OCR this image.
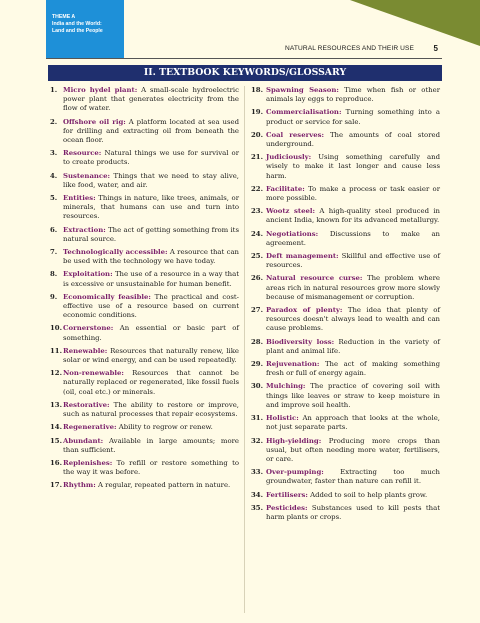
THEME A
India and the World:
Land and the People
NATURAL RESOURCES AND THEIR USE 5
II. TEXTBOOK KEYWORDS/GLOSSARY
1. Micro hydel plant: A small-scale hydroelectric power plant that generates electricity from the flow of water.
2. Offshore oil rig: A platform located at sea used for drilling and extracting oil from beneath the ocean floor.
3. Resource: Natural things we use for survival or to create products.
4. Sustenance: Things that we need to stay alive, like food, water, and air.
5. Entities: Things in nature, like trees, animals, or minerals, that humans can use and turn into resources.
6. Extraction: The act of getting something from its natural source.
7. Technologically accessible: A resource that can be used with the technology we have today.
8. Exploitation: The use of a resource in a way that is excessive or unsustainable for human benefit.
9. Economically feasible: The practical and cost-effective use of a resource based on current economic conditions.
10. Cornerstone: An essential or basic part of something.
11. Renewable: Resources that naturally renew, like solar or wind energy, and can be used repeatedly.
12. Non-renewable: Resources that cannot be naturally replaced or regenerated, like fossil fuels (oil, coal etc.) or minerals.
13. Restorative: The ability to restore or improve, such as natural processes that repair ecosystems.
14. Regenerative: Ability to regrow or renew.
15. Abundant: Available in large amounts; more than sufficient.
16. Replenishes: To refill or restore something to the way it was before.
17. Rhythm: A regular, repeated pattern in nature.
18. Spawning Season: Time when fish or other animals lay eggs to reproduce.
19. Commercialisation: Turning something into a product or service for sale.
20. Coal reserves: The amounts of coal stored underground.
21. Judiciously: Using something carefully and wisely to make it last longer and cause less harm.
22. Facilitate: To make a process or task easier or more possible.
23. Wootz steel: A high-quality steel produced in ancient India, known for its advanced metallurgy.
24. Negotiations: Discussions to make an agreement.
25. Deft management: Skillful and effective use of resources.
26. Natural resource curse: The problem where areas rich in natural resources grow more slowly because of mismanagement or corruption.
27. Paradox of plenty: The idea that plenty of resources doesn't always lead to wealth and can cause problems.
28. Biodiversity loss: Reduction in the variety of plant and animal life.
29. Rejuvenation: The act of making something fresh or full of energy again.
30. Mulching: The practice of covering soil with things like leaves or straw to keep moisture in and improve soil health.
31. Holistic: An approach that looks at the whole, not just separate parts.
32. High-yielding: Producing more crops than usual, but often needing more water, fertilisers, or care.
33. Over-pumping: Extracting too much groundwater, faster than nature can refill it.
34. Fertilisers: Added to soil to help plants grow.
35. Pesticides: Substances used to kill pests that harm plants or crops.
